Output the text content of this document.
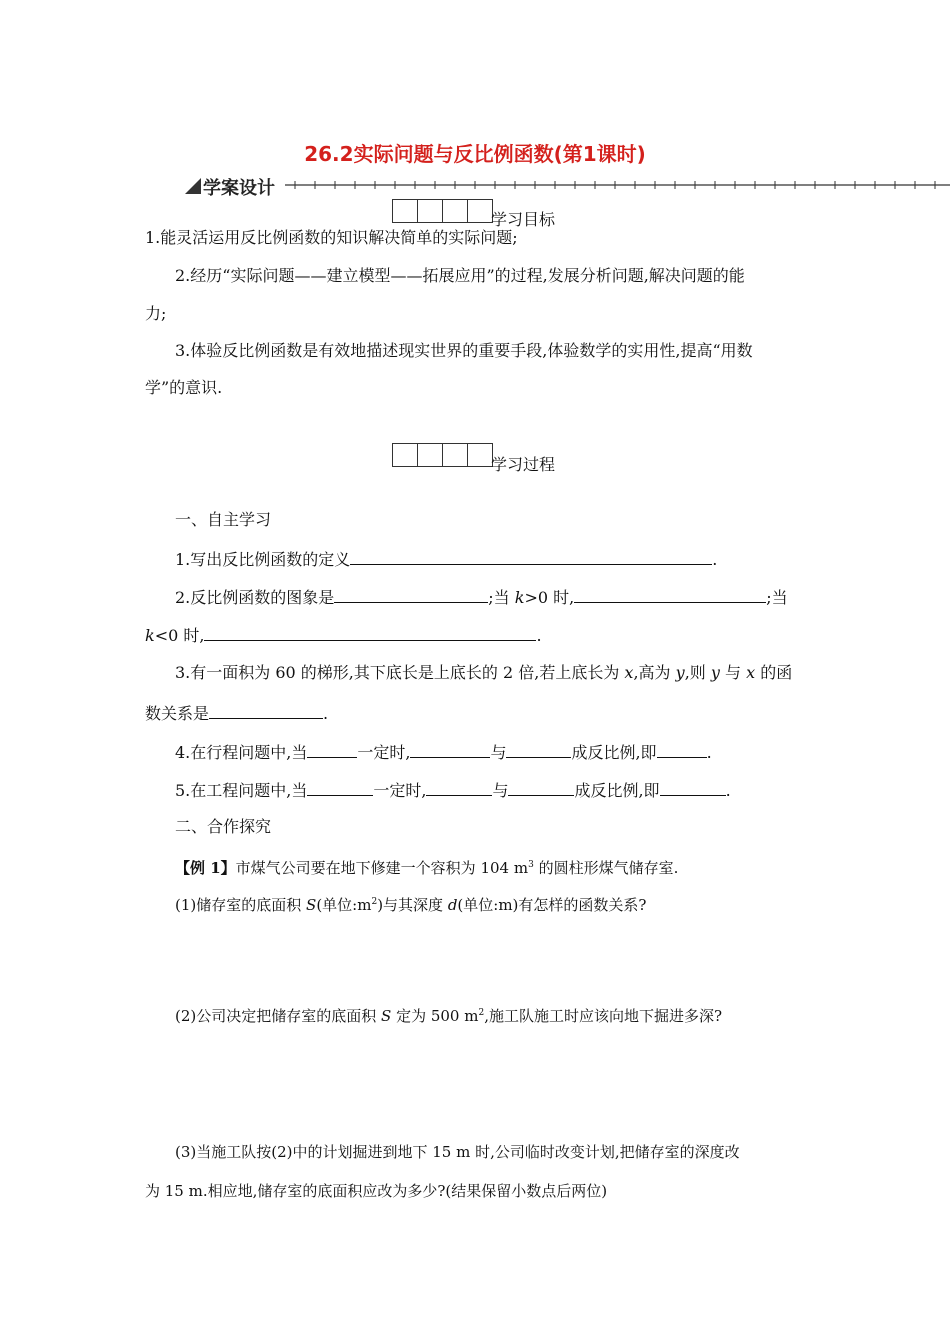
26.2实际问题与反比例函数(第1课时)
学案设计
学习目标
1.能灵活运用反比例函数的知识解决简单的实际问题;
2.经历“实际问题——建立模型——拓展应用”的过程,发展分析问题,解决问题的能
力;
3.体验反比例函数是有效地描述现实世界的重要手段,体验数学的实用性,提高“用数
学”的意识.
学习过程
一、自主学习
1.写出反比例函数的定义	.
2.反比例函数的图象是	;当 k>0 时,	;当
k<0 时,	.
3.有一面积为 60 的梯形,其下底长是上底长的 2 倍,若上底长为 x,高为 y,则 y 与 x 的函
数关系是	.
4.在行程问题中,当	一定时,	与	成反比例,即	.
5.在工程问题中,当	一定时,	与	成反比例,即	.
二、合作探究
【例 1】市煤气公司要在地下修建一个容积为 104 $m^3$ 的圆柱形煤气储存室.
(1)储存室的底面积 S(单位$:m^2$)与其深度 d(单位:m)有怎样的函数关系?
(2)公司决定把储存室的底面积 S 定为 500 $m^2$,施工队施工时应该向地下掘进多深?
(3)当施工队按(2)中的计划掘进到地下 15 m 时,公司临时改变计划,把储存室的深度改
为 15 m.相应地,储存室的底面积应改为多少?(结果保留小数点后两位)
